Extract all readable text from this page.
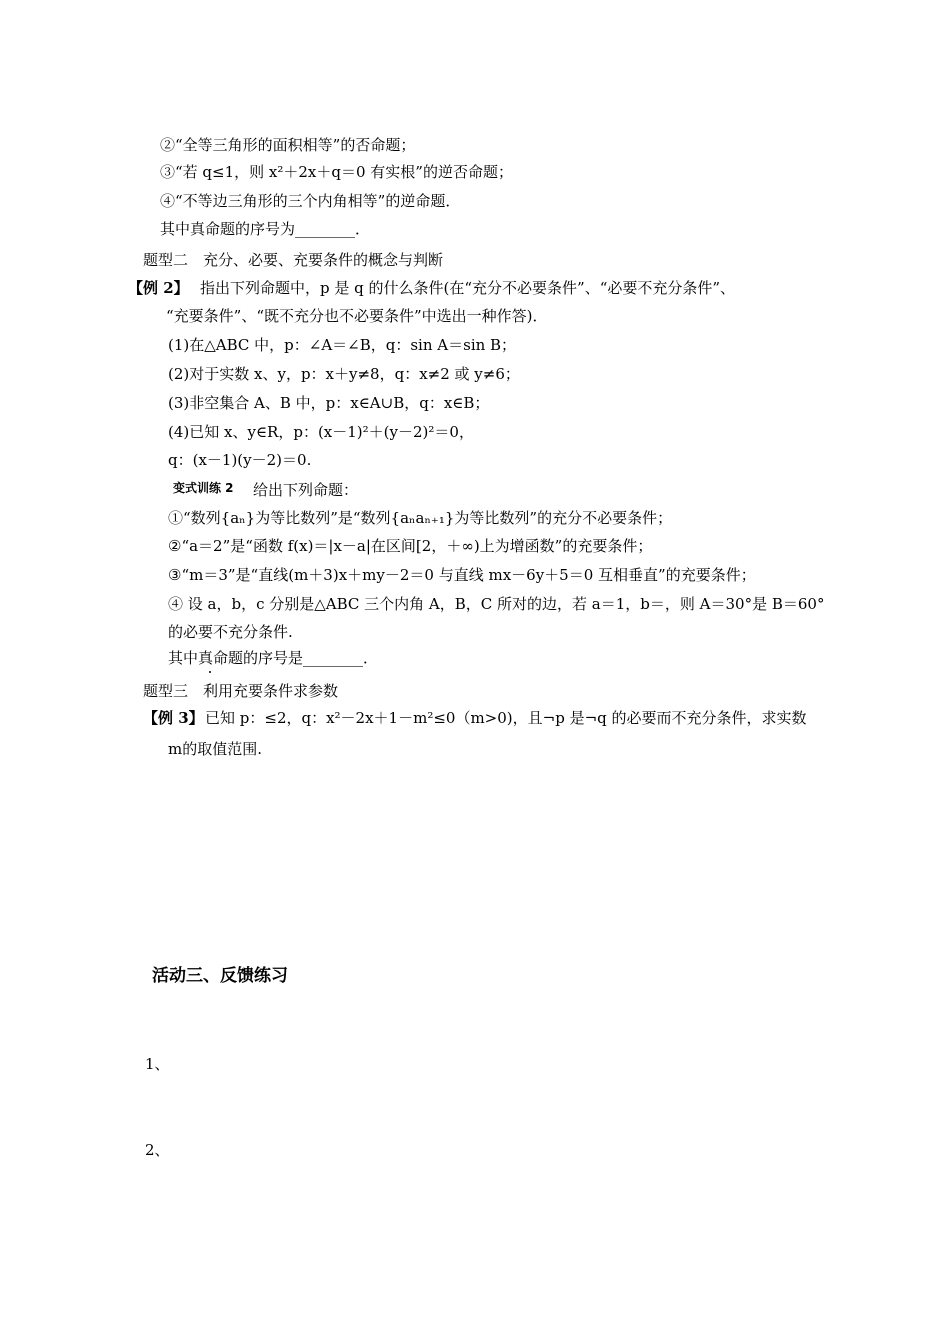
②“全等三角形的面积相等”的否命题；
③“若 q≤1，则 x²＋2x＋q＝0 有实根”的逆否命题；
④“不等边三角形的三个内角相等”的逆命题．
其中真命题的序号为________．
题型二　充分、必要、充要条件的概念与判断
【例 2】 指出下列命题中，p 是 q 的什么条件(在“充分不必要条件”、“必要不充分条件”、
“充要条件”、“既不充分也不必要条件”中选出一种作答)．
(1)在△ABC 中，p：∠A＝∠B，q：sin A＝sin B；
(2)对于实数 x、y，p：x＋y≠8，q：x≠2 或 y≠6；
(3)非空集合 A、B 中，p：x∈A∪B，q：x∈B；
(4)已知 x、y∈R，p：(x－1)²＋(y－2)²＝0，
q：(x－1)(y－2)＝0.
变式训练 2 给出下列命题：
①“数列{aₙ}为等比数列”是“数列{aₙaₙ₊₁}为等比数列”的充分不必要条件；
②“a＝2”是“函数 f(x)＝|x－a|在区间[2，＋∞)上为增函数”的充要条件；
③“m＝3”是“直线(m＋3)x＋my－2＝0 与直线 mx－6y＋5＝0 互相垂直”的充要条件；
④ 设 a，b，c 分别是△ABC 三个内角 A，B，C 所对的边，若 a＝1，b＝，则 A＝30°是 B＝60°
的必要不充分条件.
其中真命题的序号是________．
题型三　利用充要条件求参数
【例 3】 已知 p：≤2，q：x²－2x＋1－m²≤0（m>0)，且¬p 是¬q 的必要而不充分条件，求实数
m的取值范围.
活动三、反馈练习
1、
2、
